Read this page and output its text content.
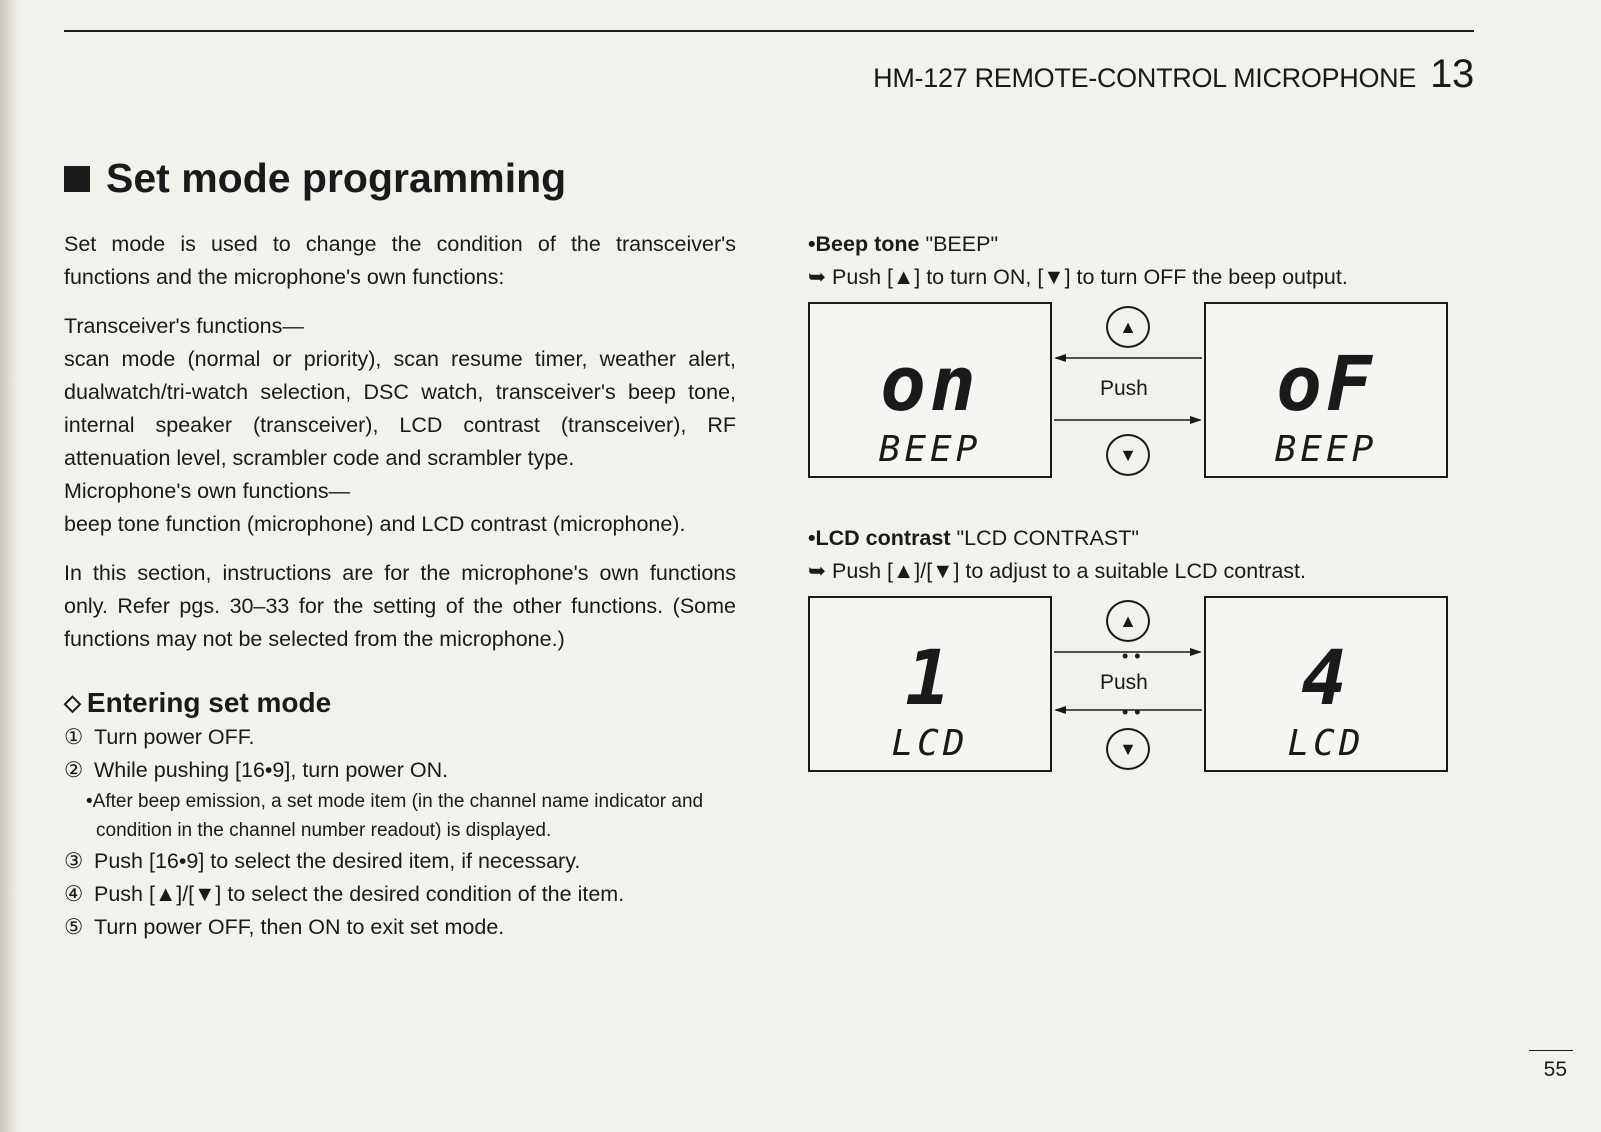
HM-127 REMOTE-CONTROL MICROPHONE 13
Set mode programming

Set mode is used to change the condition of the transceiver's functions and the microphone's own functions:

Transceiver's functions—

scan mode (normal or priority), scan resume timer, weather alert, dualwatch/tri-watch selection, DSC watch, transceiver's beep tone, internal speaker (transceiver), LCD contrast (transceiver), RF attenuation level, scrambler code and scrambler type.

Microphone's own functions—

beep tone function (microphone) and LCD contrast (microphone).

In this section, instructions are for the microphone's own functions only. Refer pgs. 30–33 for the setting of the other functions. (Some functions may not be selected from the microphone.)

◇ Entering set mode
① Turn power OFF.
② While pushing [16•9], turn power ON.
•After beep emission, a set mode item (in the channel name indicator and condition in the channel number readout) is displayed.
③ Push [16•9] to select the desired item, if necessary.
④ Push [▲]/[▼] to select the desired condition of the item.
⑤ Turn power OFF, then ON to exit set mode.
•Beep tone "BEEP"
➥ Push [▲] to turn ON, [▼] to turn OFF the beep output.
on
BEEP
▲
Push
▼
oF
BEEP
•LCD contrast "LCD CONTRAST"
➥ Push [▲]/[▼] to adjust to a suitable LCD contrast.
1
LCD
▲
••
Push
••
▼
4
LCD
55
